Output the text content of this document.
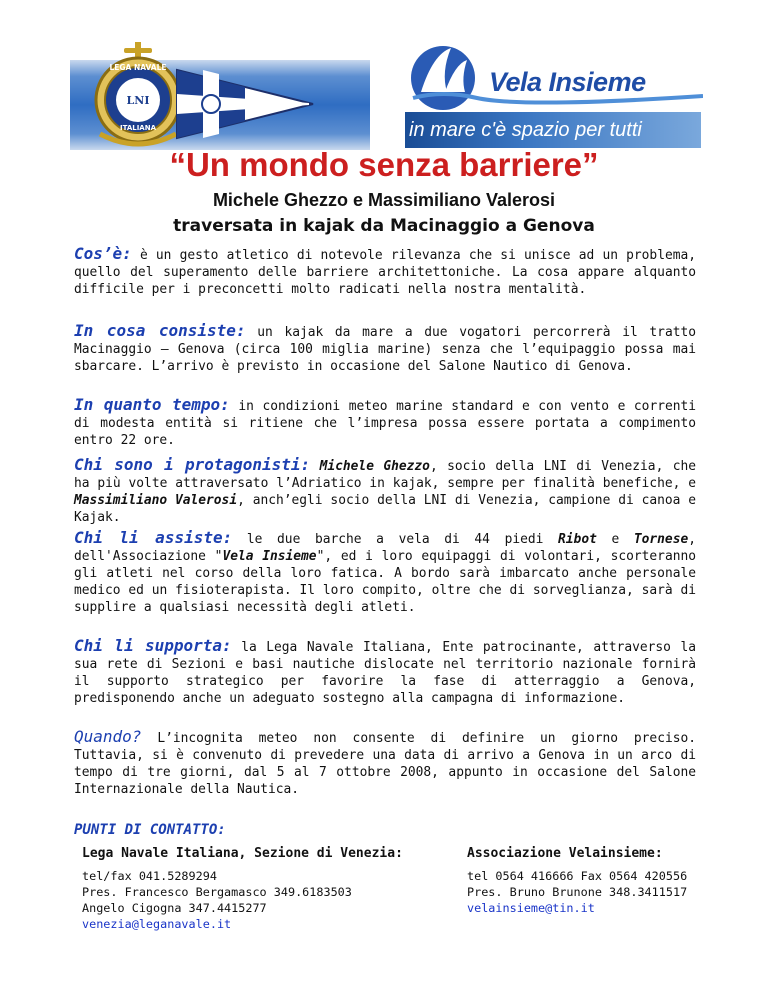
LEGA NAVALE
LNI
ITALIANA
Vela Insieme
in mare c'è spazio per tutti
“Un mondo senza barriere”
Michele Ghezzo e Massimiliano Valerosi
traversata in kajak da Macinaggio a Genova
Cos’è: è un gesto atletico di notevole rilevanza che si unisce ad un problema, quello del superamento delle barriere architettoniche. La cosa appare alquanto difficile per i preconcetti molto radicati nella nostra mentalità.
In cosa consiste: un kajak da mare a due vogatori percorrerà il tratto Macinaggio – Genova (circa 100 miglia marine) senza che l’equipaggio possa mai sbarcare. L’arrivo è previsto in occasione del Salone Nautico di Genova.
In quanto tempo: in condizioni meteo marine standard e con vento e correnti di modesta entità si ritiene che l’impresa possa essere portata a compimento entro 22 ore.
Chi sono i protagonisti: Michele Ghezzo, socio della LNI di Venezia, che ha più volte attraversato l’Adriatico in kajak, sempre per finalità benefiche, e Massimiliano Valerosi, anch’egli socio della LNI di Venezia, campione di canoa e Kajak.
Chi li assiste: le due barche a vela di 44 piedi Ribot e Tornese, dell'Associazione "Vela Insieme", ed i loro equipaggi di volontari, scorteranno gli atleti nel corso della loro fatica. A bordo sarà imbarcato anche personale medico ed un fisioterapista. Il loro compito, oltre che di sorveglianza, sarà di supplire a qualsiasi necessità degli atleti.
Chi li supporta: la Lega Navale Italiana, Ente patrocinante, attraverso la sua rete di Sezioni e basi nautiche dislocate nel territorio nazionale fornirà il supporto strategico per favorire la fase di atterraggio a Genova, predisponendo anche un adeguato sostegno alla campagna di informazione.
Quando? L’incognita meteo non consente di definire un giorno preciso. Tuttavia, si è convenuto di prevedere una data di arrivo a Genova in un arco di tempo di tre giorni, dal 5 al 7 ottobre 2008, appunto in occasione del Salone Internazionale della Nautica.
PUNTI DI CONTATTO:
Lega Navale Italiana, Sezione di Venezia:
tel/fax 041.5289294
Pres. Francesco Bergamasco 349.6183503
Angelo Cigogna 347.4415277
venezia@leganavale.it
Associazione Velainsieme:
tel 0564 416666 Fax 0564 420556
Pres. Bruno Brunone 348.3411517
velainsieme@tin.it
